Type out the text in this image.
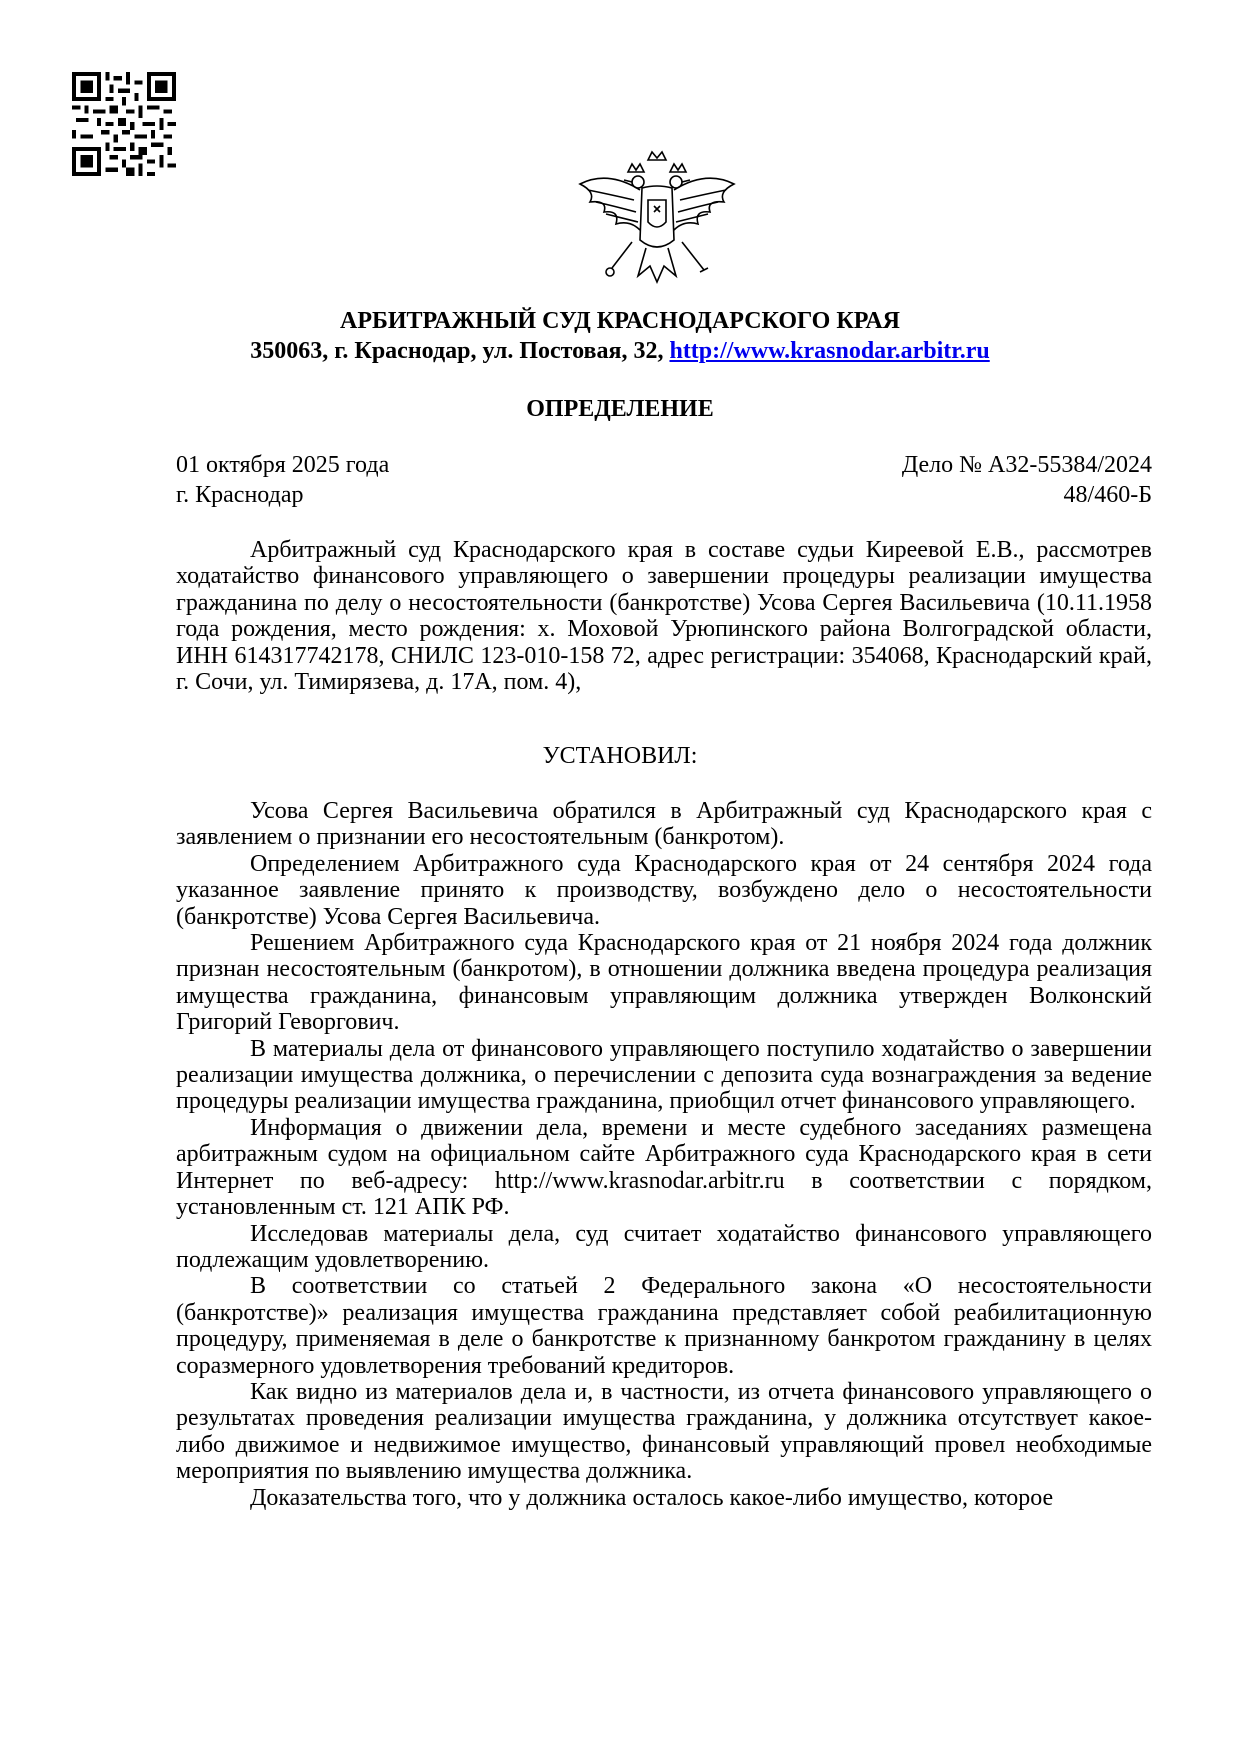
АРБИТРАЖНЫЙ СУД КРАСНОДАРСКОГО КРАЯ
350063, г. Краснодар, ул. Постовая, 32, http://www.krasnodar.arbitr.ru
ОПРЕДЕЛЕНИЕ
01 октября 2025 года
г. Краснодар
Дело № А32-55384/2024
48/460-Б

Арбитражный суд Краснодарского края в составе судьи Киреевой Е.В., рассмотрев ходатайство финансового управляющего о завершении процедуры реализации имущества гражданина по делу о несостоятельности (банкротстве) Усова Сергея Васильевича (10.11.1958 года рождения, место рождения: х. Моховой Урюпинского района Волгоградской области, ИНН 614317742178, СНИЛС 123-010-158 72, адрес регистрации: 354068, Краснодарский край, г. Сочи, ул. Тимирязева, д. 17А, пом. 4),

УСТАНОВИЛ:

Усова Сергея Васильевича обратился в Арбитражный суд Краснодарского края с заявлением о признании его несостоятельным (банкротом).

Определением Арбитражного суда Краснодарского края от 24 сентября 2024 года указанное заявление принято к производству, возбуждено дело о несостоятельности (банкротстве) Усова Сергея Васильевича.

Решением Арбитражного суда Краснодарского края от 21 ноября 2024 года должник признан несостоятельным (банкротом), в отношении должника введена процедура реализация имущества гражданина, финансовым управляющим должника утвержден Волконский Григорий Геворгович.

В материалы дела от финансового управляющего поступило ходатайство о завершении реализации имущества должника, о перечислении с депозита суда вознаграждения за ведение процедуры реализации имущества гражданина, приобщил отчет финансового управляющего.

Информация о движении дела, времени и месте судебного заседаниях размещена арбитражным судом на официальном сайте Арбитражного суда Краснодарского края в сети Интернет по веб-адресу: http://www.krasnodar.arbitr.ru в соответствии с порядком, установленным ст. 121 АПК РФ.

Исследовав материалы дела, суд считает ходатайство финансового управляющего подлежащим удовлетворению.

В соответствии со статьей 2 Федерального закона «О несостоятельности (банкротстве)» реализация имущества гражданина представляет собой реабилитационную процедуру, применяемая в деле о банкротстве к признанному банкротом гражданину в целях соразмерного удовлетворения требований кредиторов.

Как видно из материалов дела и, в частности, из отчета финансового управляющего о результатах проведения реализации имущества гражданина, у должника отсутствует какое-либо движимое и недвижимое имущество, финансовый управляющий провел необходимые мероприятия по выявлению имущества должника.

Доказательства того, что у должника осталось какое-либо имущество, которое
